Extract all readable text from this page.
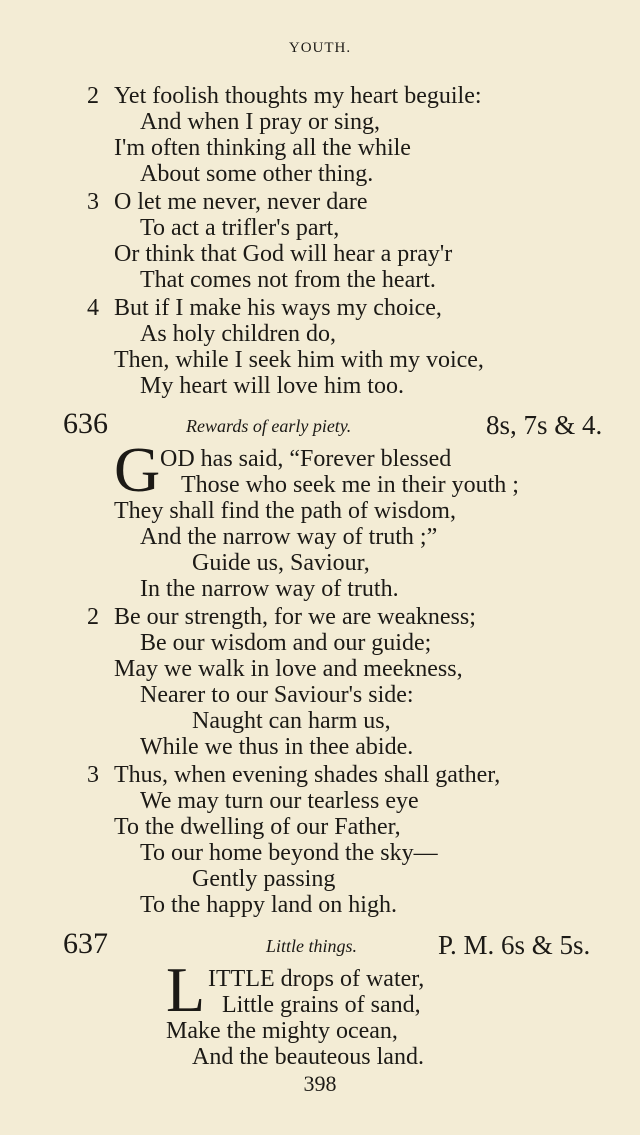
YOUTH.
2 Yet foolish thoughts my heart beguile:
And when I pray or sing,
I'm often thinking all the while
About some other thing.
3 O let me never, never dare
To act a trifler's part,
Or think that God will hear a pray'r
That comes not from the heart.
4 But if I make his ways my choice,
As holy children do,
Then, while I seek him with my voice,
My heart will love him too.
636	Rewards of early piety.	8s, 7s & 4.
G OD has said, “Forever blessed
Those who seek me in their youth ;
They shall find the path of wisdom,
And the narrow way of truth ;”
Guide us, Saviour,
In the narrow way of truth.
2 Be our strength, for we are weakness;
Be our wisdom and our guide;
May we walk in love and meekness,
Nearer to our Saviour's side:
Naught can harm us,
While we thus in thee abide.
3 Thus, when evening shades shall gather,
We may turn our tearless eye
To the dwelling of our Father,
To our home beyond the sky—
Gently passing
To the happy land on high.
637	Little things.	P. M. 6s & 5s.
L ITTLE drops of water,
Little grains of sand,
Make the mighty ocean,
And the beauteous land.
398
